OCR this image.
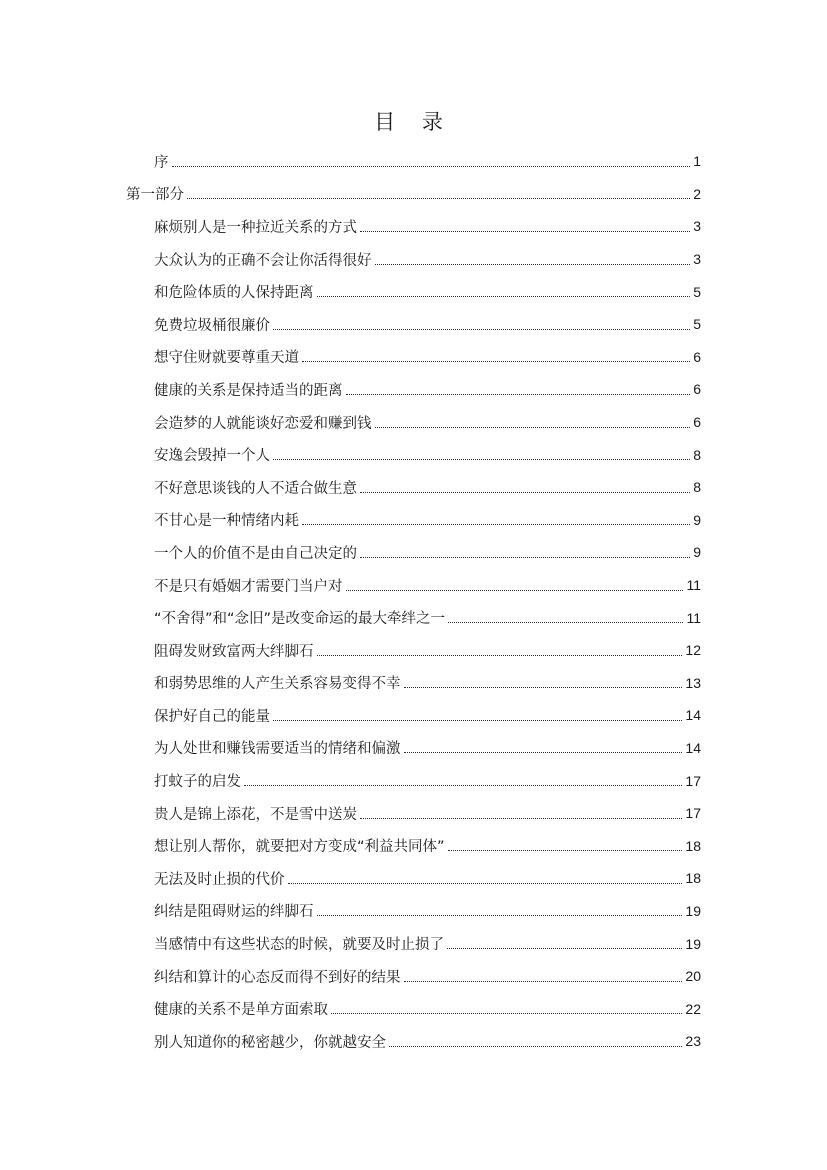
目 录
序	1
第一部分	2
麻烦别人是一种拉近关系的方式	3
大众认为的正确不会让你活得很好	3
和危险体质的人保持距离	5
免费垃圾桶很廉价	5
想守住财就要尊重天道	6
健康的关系是保持适当的距离	6
会造梦的人就能谈好恋爱和赚到钱	6
安逸会毁掉一个人	8
不好意思谈钱的人不适合做生意	8
不甘心是一种情绪内耗	9
一个人的价值不是由自己决定的	9
不是只有婚姻才需要门当户对	11
“不舍得”和“念旧”是改变命运的最大牵绊之一	11
阻碍发财致富两大绊脚石	12
和弱势思维的人产生关系容易变得不幸	13
保护好自己的能量	14
为人处世和赚钱需要适当的情绪和偏激	14
打蚊子的启发	17
贵人是锦上添花，不是雪中送炭	17
想让别人帮你，就要把对方变成“利益共同体”	18
无法及时止损的代价	18
纠结是阻碍财运的绊脚石	19
当感情中有这些状态的时候，就要及时止损了	19
纠结和算计的心态反而得不到好的结果	20
健康的关系不是单方面索取	22
别人知道你的秘密越少，你就越安全	23
